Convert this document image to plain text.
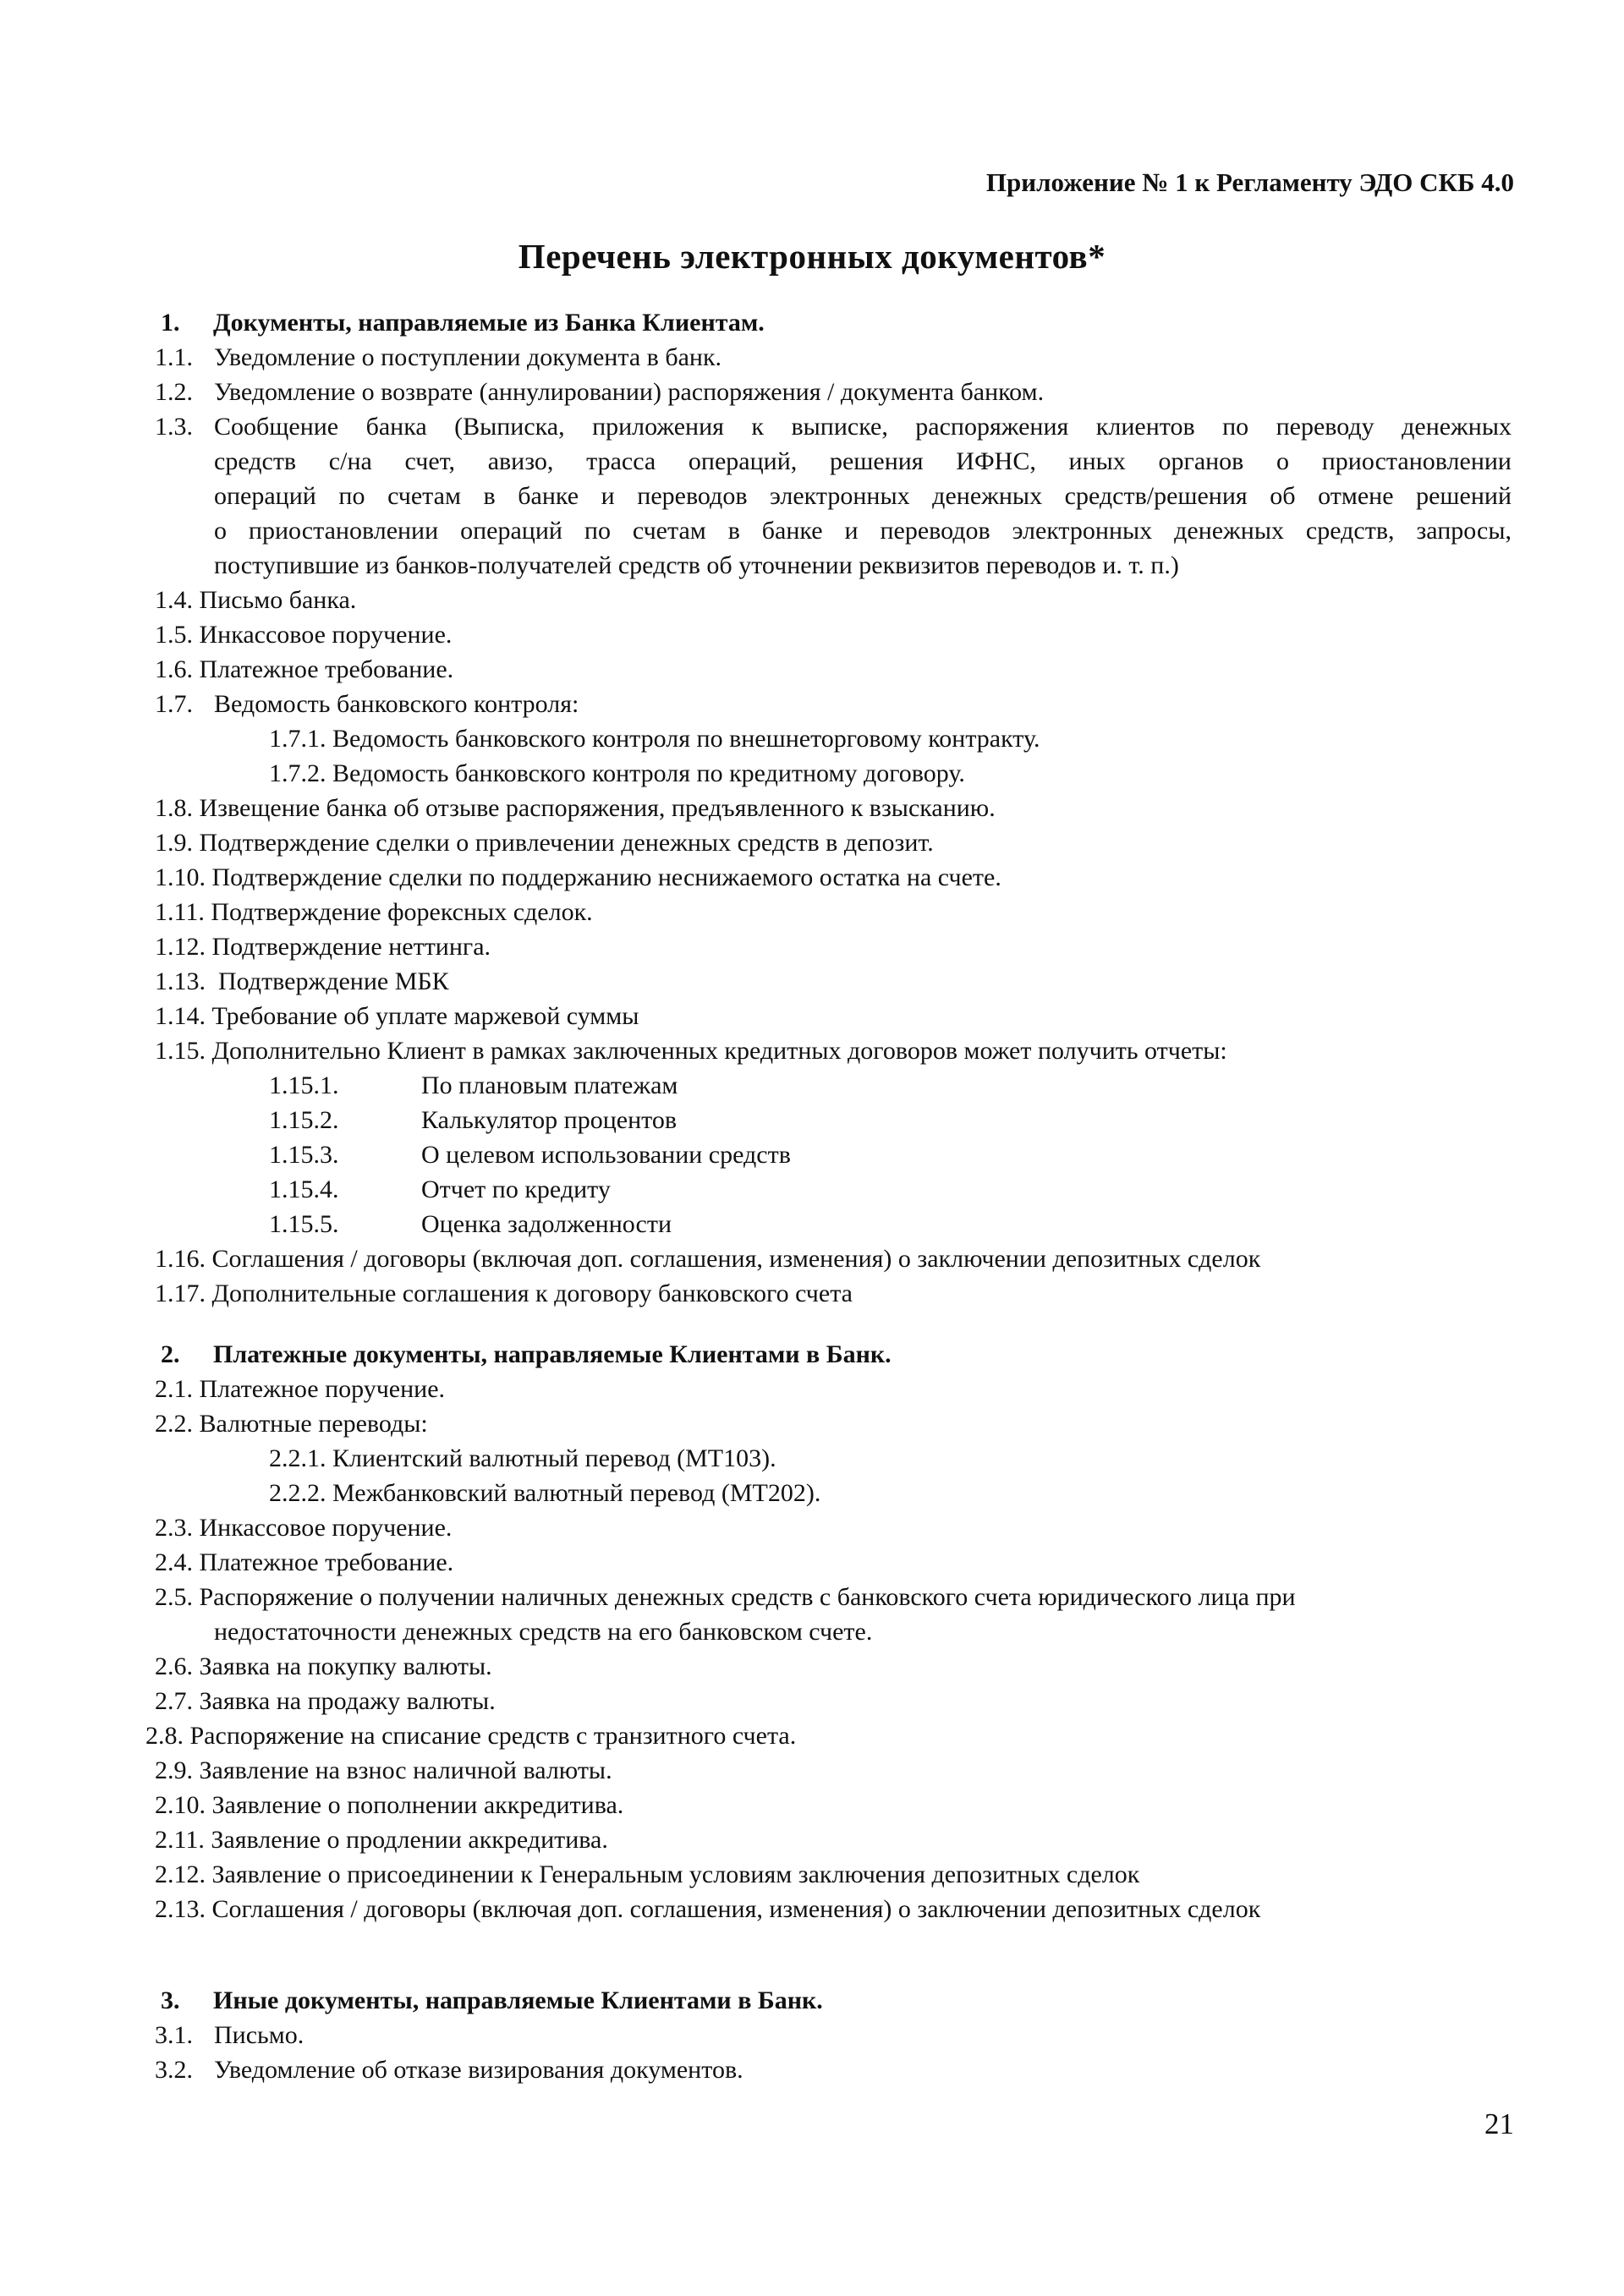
Приложение № 1 к Регламенту ЭДО СКБ 4.0
Перечень электронных документов*
1. Документы, направляемые из Банка Клиентам.
1.1. Уведомление о поступлении документа в банк.
1.2. Уведомление о возврате (аннулировании) распоряжения / документа банком.
1.3. Сообщение банка (Выписка, приложения к выписке, распоряжения клиентов по переводу денежных
средств с/на счет, авизо, трасса операций, решения ИФНС, иных органов о приостановлении
операций по счетам в банке и переводов электронных денежных средств/решения об отмене решений
о приостановлении операций по счетам в банке и переводов электронных денежных средств, запросы,
поступившие из банков-получателей средств об уточнении реквизитов переводов и. т. п.)
1.4. Письмо банка.
1.5. Инкассовое поручение.
1.6. Платежное требование.
1.7. Ведомость банковского контроля:
1.7.1. Ведомость банковского контроля по внешнеторговому контракту.
1.7.2. Ведомость банковского контроля по кредитному договору.
1.8. Извещение банка об отзыве распоряжения, предъявленного к взысканию.
1.9. Подтверждение сделки о привлечении денежных средств в депозит.
1.10. Подтверждение сделки по поддержанию неснижаемого остатка на счете.
1.11. Подтверждение форексных сделок.
1.12. Подтверждение неттинга.
1.13. Подтверждение МБК
1.14. Требование об уплате маржевой суммы
1.15. Дополнительно Клиент в рамках заключенных кредитных договоров может получить отчеты:
1.15.1.	По плановым платежам
1.15.2.	Калькулятор процентов
1.15.3.	О целевом использовании средств
1.15.4.	Отчет по кредиту
1.15.5.	Оценка задолженности
1.16. Соглашения / договоры (включая доп. соглашения, изменения) о заключении депозитных сделок
1.17. Дополнительные соглашения к договору банковского счета
2. Платежные документы, направляемые Клиентами в Банк.
2.1. Платежное поручение.
2.2. Валютные переводы:
2.2.1. Клиентский валютный перевод (МТ103).
2.2.2. Межбанковский валютный перевод (МТ202).
2.3. Инкассовое поручение.
2.4. Платежное требование.
2.5. Распоряжение о получении наличных денежных средств с банковского счета юридического лица при
недостаточности денежных средств на его банковском счете.
2.6. Заявка на покупку валюты.
2.7. Заявка на продажу валюты.
2.8. Распоряжение на списание средств с транзитного счета.
2.9. Заявление на взнос наличной валюты.
2.10. Заявление о пополнении аккредитива.
2.11. Заявление о продлении аккредитива.
2.12. Заявление о присоединении к Генеральным условиям заключения депозитных сделок
2.13. Соглашения / договоры (включая доп. соглашения, изменения) о заключении депозитных сделок
3. Иные документы, направляемые Клиентами в Банк.
3.1. Письмо.
3.2. Уведомление об отказе визирования документов.
21
